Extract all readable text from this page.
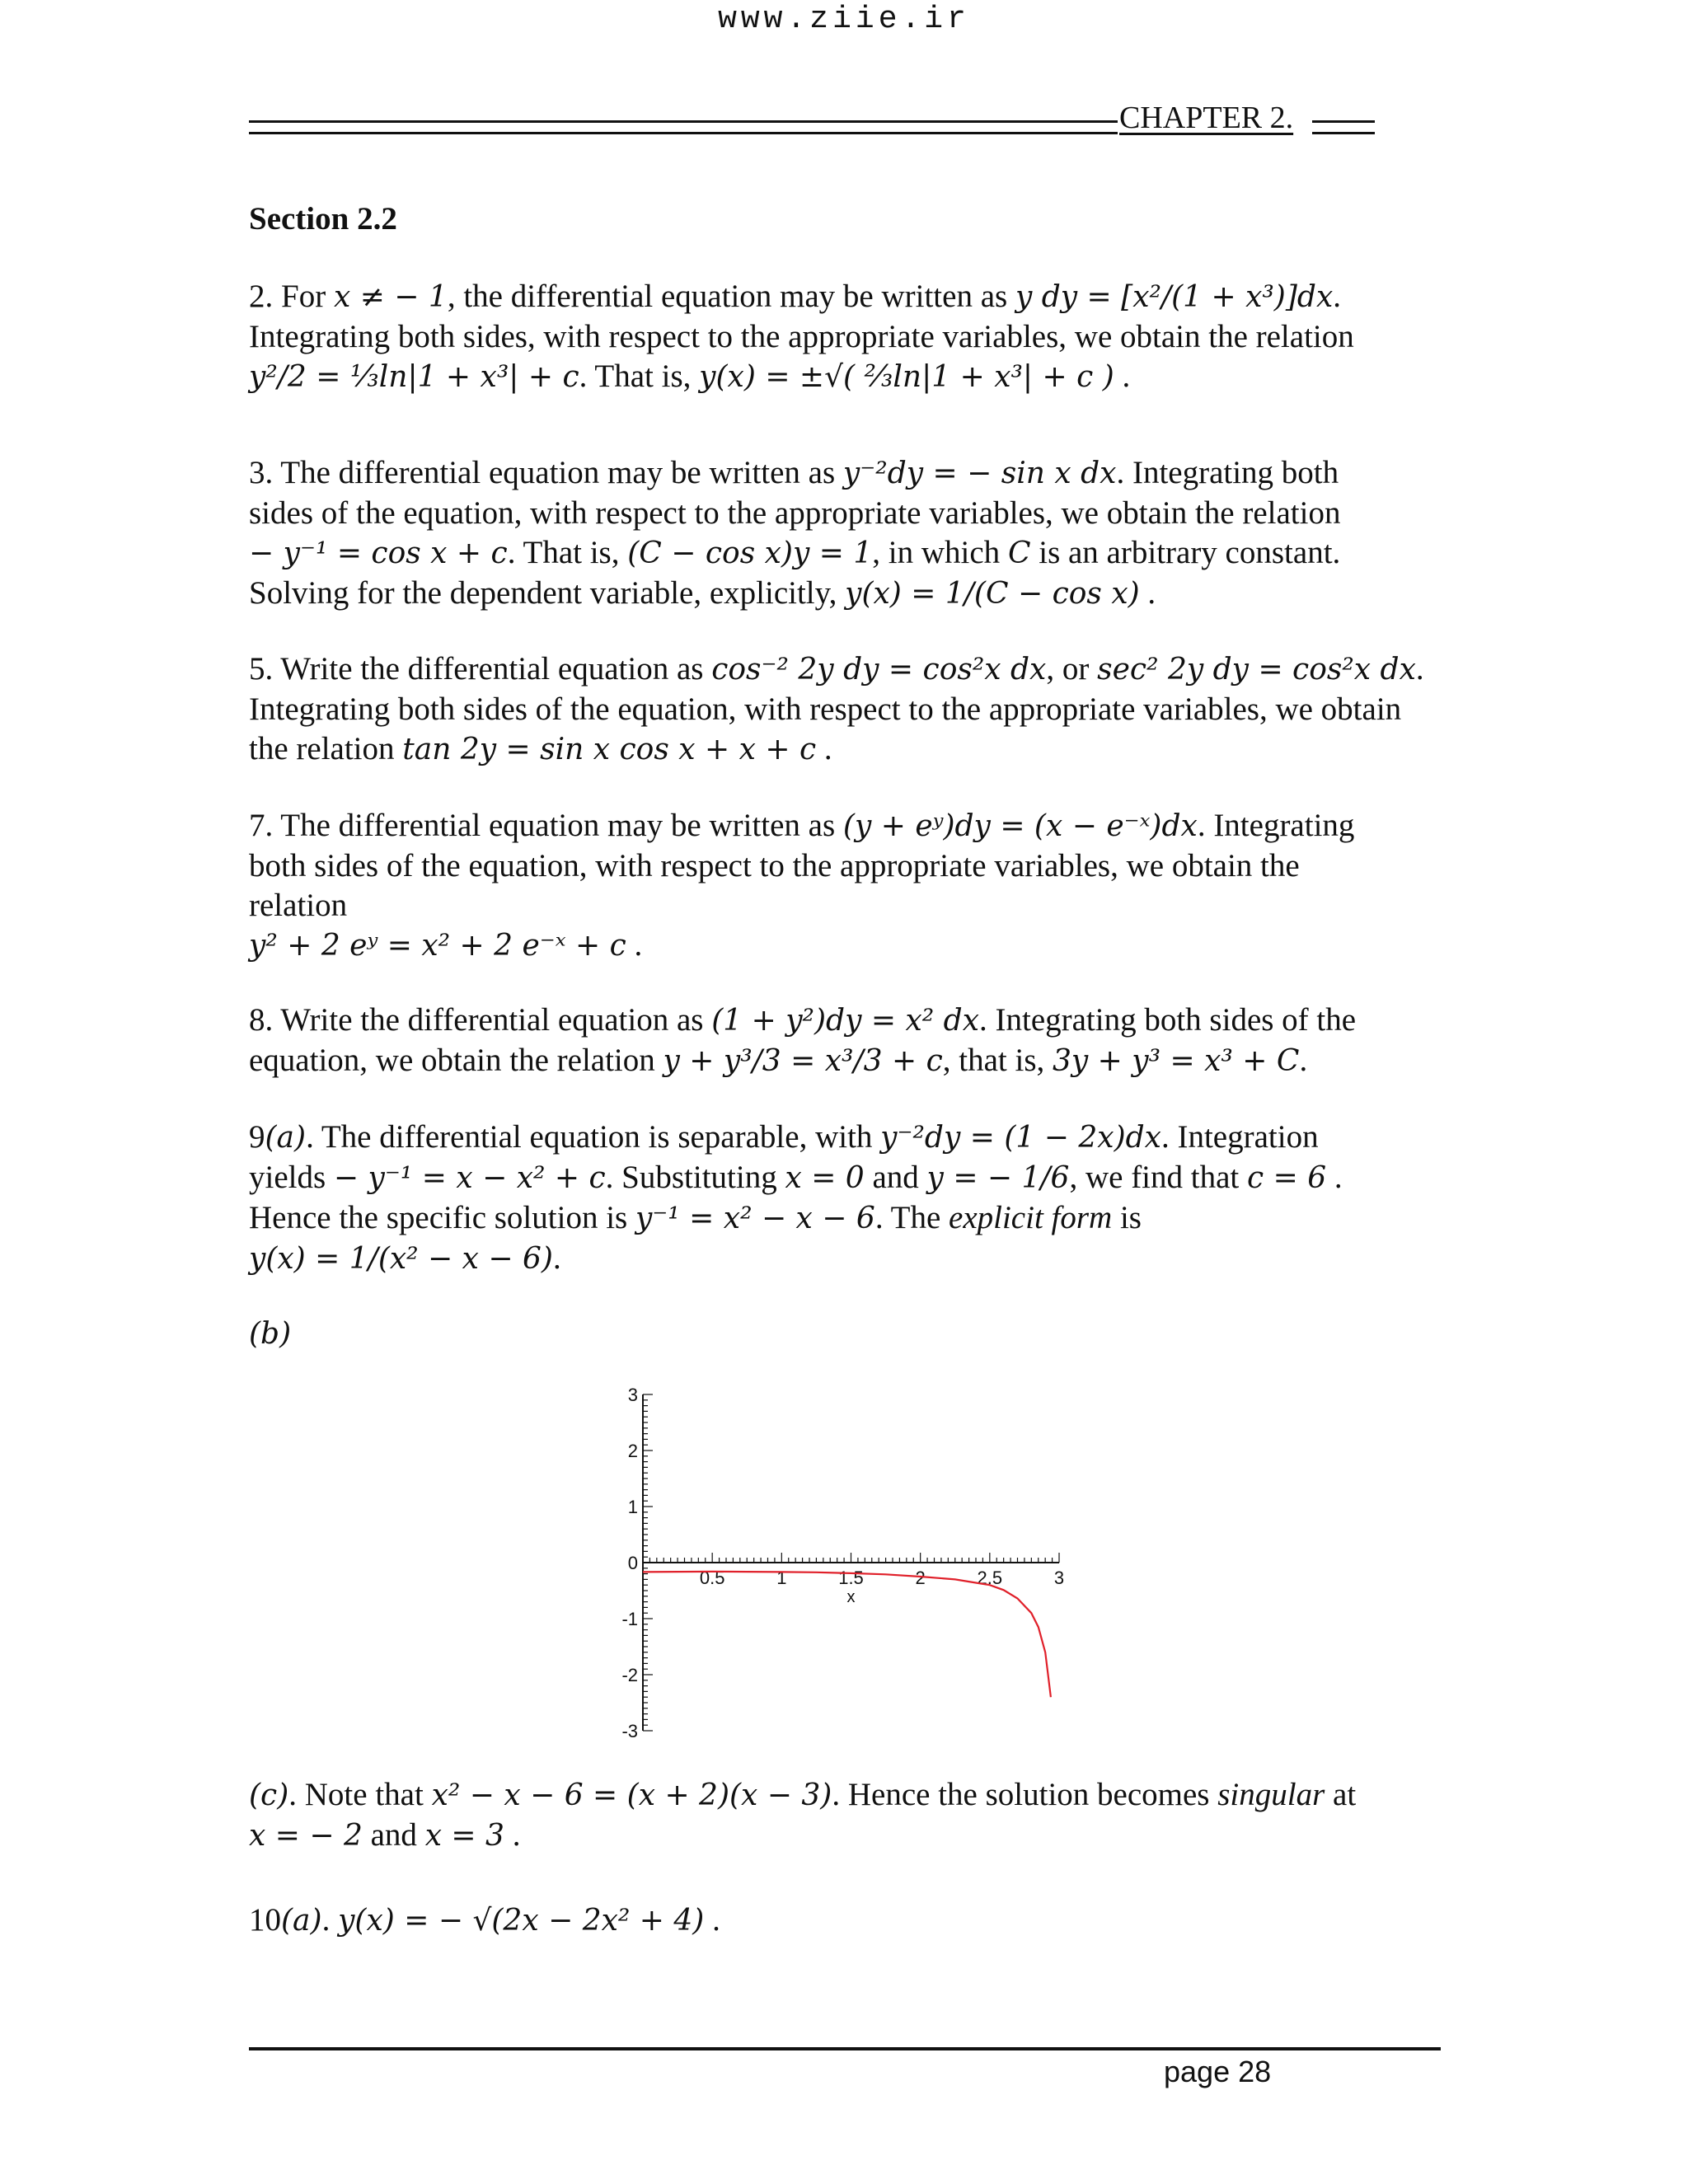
www.ziie.ir
CHAPTER 2.
Section 2.2
2. For x ≠ − 1, the differential equation may be written as y dy = [x²/(1 + x³)]dx.
Integrating both sides, with respect to the appropriate variables, we obtain the relation
y²/2 = ⅓ln|1 + x³| + c. That is, y(x) = ±√( ⅔ln|1 + x³| + c ) .
3. The differential equation may be written as y⁻²dy = − sin x dx. Integrating both
sides of the equation, with respect to the appropriate variables, we obtain the relation
− y⁻¹ = cos x + c. That is, (C − cos x)y = 1, in which C is an arbitrary constant.
Solving for the dependent variable, explicitly, y(x) = 1/(C − cos x) .
5. Write the differential equation as cos⁻² 2y dy = cos²x dx, or sec² 2y dy = cos²x dx.
Integrating both sides of the equation, with respect to the appropriate variables, we obtain
the relation tan 2y = sin x cos x + x + c .
7. The differential equation may be written as (y + eʸ)dy = (x − e⁻ˣ)dx. Integrating
both sides of the equation, with respect to the appropriate variables, we obtain the
relation
y² + 2 eʸ = x² + 2 e⁻ˣ + c .
8. Write the differential equation as (1 + y²)dy = x² dx. Integrating both sides of the
equation, we obtain the relation y + y³/3 = x³/3 + c, that is, 3y + y³ = x³ + C.
9(a). The differential equation is separable, with y⁻²dy = (1 − 2x)dx. Integration
yields − y⁻¹ = x − x² + c. Substituting x = 0 and y = − 1/6, we find that c = 6 .
Hence the specific solution is y⁻¹ = x² − x − 6. The explicit form is
y(x) = 1/(x² − x − 6).
(b)
0.5	1	1.5	2	2.5	3
3
2
1
0
-1
-2
-3
x
(c). Note that x² − x − 6 = (x + 2)(x − 3). Hence the solution becomes singular at
x = − 2 and x = 3 .
10(a). y(x) = − √(2x − 2x² + 4) .
page 28
